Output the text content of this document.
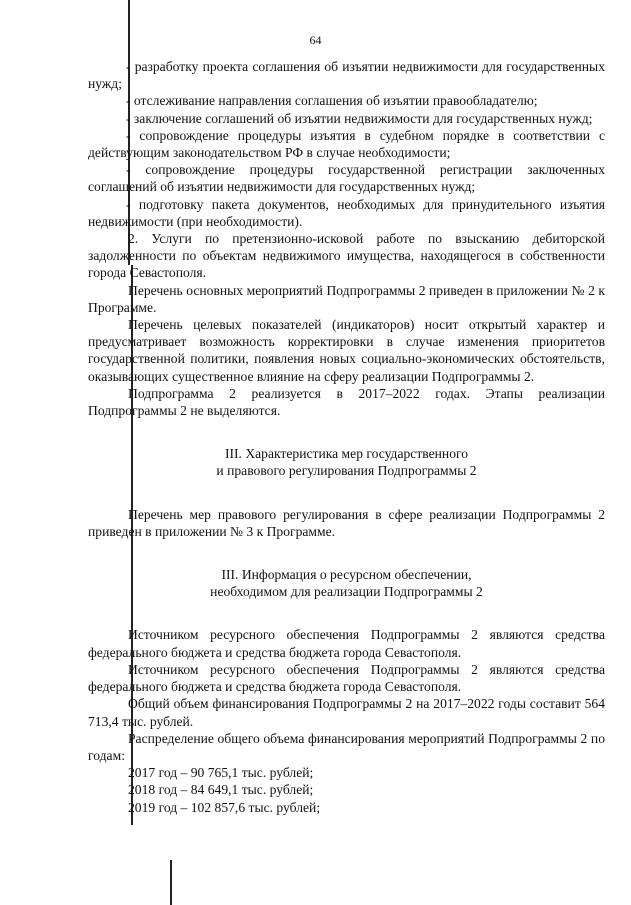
64

- разработку проекта соглашения об изъятии недвижимости для государственных нужд;

- отслеживание направления соглашения об изъятии правообладателю;

- заключение соглашений об изъятии недвижимости для государственных нужд;

- сопровождение процедуры изъятия в судебном порядке в соответствии с действующим законодательством РФ в случае необходимости;

- сопровождение процедуры государственной регистрации заключенных соглашений об изъятии недвижимости для государственных нужд;

- подготовку пакета документов, необходимых для принудительного изъятия недвижимости (при необходимости).

2. Услуги по претензионно-исковой работе по взысканию дебиторской задолженности по объектам недвижимого имущества, находящегося в собственности города Севастополя.

Перечень основных мероприятий Подпрограммы 2 приведен в приложении № 2 к Программе.

Перечень целевых показателей (индикаторов) носит открытый характер и предусматривает возможность корректировки в случае изменения приоритетов государственной политики, появления новых социально-экономических обстоятельств, оказывающих существенное влияние на сферу реализации Подпрограммы 2.

Подпрограмма 2 реализуется в 2017–2022 годах. Этапы реализации Подпрограммы 2 не выделяются.

III. Характеристика мер государственного

и правового регулирования Подпрограммы 2

Перечень мер правового регулирования в сфере реализации Подпрограммы 2 приведен в приложении № 3 к Программе.

III. Информация о ресурсном обеспечении,

необходимом для реализации Подпрограммы 2

Источником ресурсного обеспечения Подпрограммы 2 являются средства федерального бюджета и средства бюджета города Севастополя.

Источником ресурсного обеспечения Подпрограммы 2 являются средства федерального бюджета и средства бюджета города Севастополя.

Общий объем финансирования Подпрограммы 2 на 2017–2022 годы составит 564 713,4 тыс. рублей.

Распределение общего объема финансирования мероприятий Подпрограммы 2 по годам:

2017 год – 90 765,1 тыс. рублей;

2018 год – 84 649,1 тыс. рублей;

2019 год – 102 857,6 тыс. рублей;
